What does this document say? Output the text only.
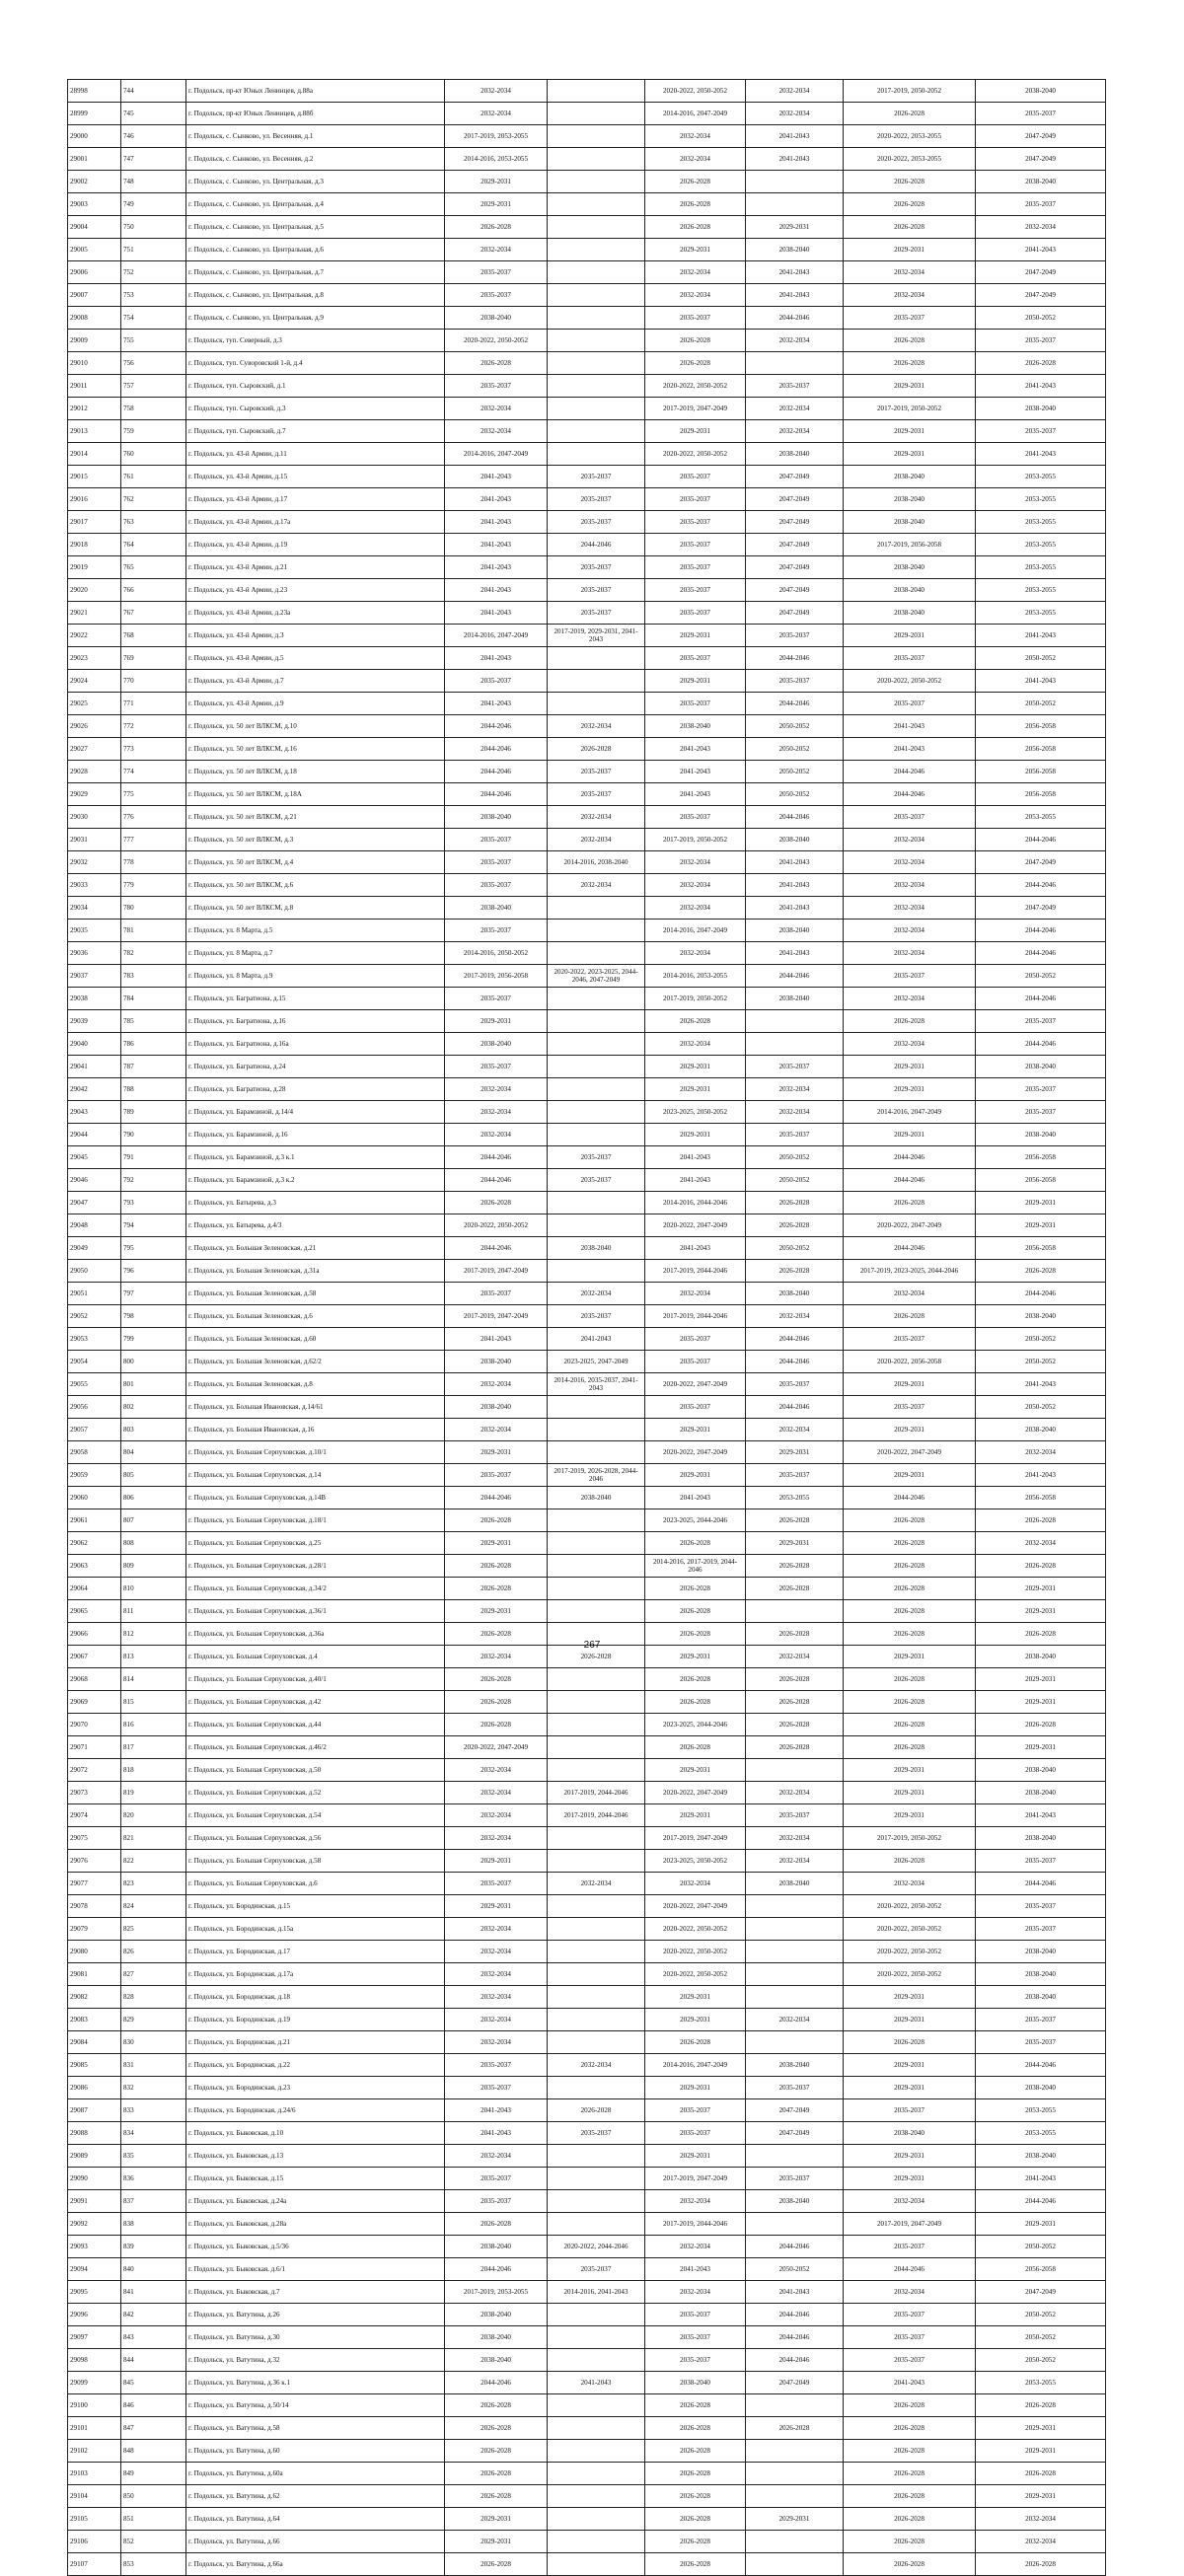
28998	744	г. Подольск, пр-кт Юных Ленинцев, д.88а	2032-2034		2020-2022, 2050-2052	2032-2034	2017-2019, 2050-2052	2038-2040
28999	745	г. Подольск, пр-кт Юных Ленинцев, д.88б	2032-2034		2014-2016, 2047-2049	2032-2034	2026-2028	2035-2037
29000	746	г. Подольск, с. Сынково, ул. Весенняя, д.1	2017-2019, 2053-2055		2032-2034	2041-2043	2020-2022, 2053-2055	2047-2049
29001	747	г. Подольск, с. Сынково, ул. Весенняя, д.2	2014-2016, 2053-2055		2032-2034	2041-2043	2020-2022, 2053-2055	2047-2049
29002	748	г. Подольск, с. Сынково, ул. Центральная, д.3	2029-2031		2026-2028		2026-2028	2038-2040
29003	749	г. Подольск, с. Сынково, ул. Центральная, д.4	2029-2031		2026-2028		2026-2028	2035-2037
29004	750	г. Подольск, с. Сынково, ул. Центральная, д.5	2026-2028		2026-2028	2029-2031	2026-2028	2032-2034
29005	751	г. Подольск, с. Сынково, ул. Центральная, д.6	2032-2034		2029-2031	2038-2040	2029-2031	2041-2043
29006	752	г. Подольск, с. Сынково, ул. Центральная, д.7	2035-2037		2032-2034	2041-2043	2032-2034	2047-2049
29007	753	г. Подольск, с. Сынково, ул. Центральная, д.8	2035-2037		2032-2034	2041-2043	2032-2034	2047-2049
29008	754	г. Подольск, с. Сынково, ул. Центральная, д.9	2038-2040		2035-2037	2044-2046	2035-2037	2050-2052
29009	755	г. Подольск, туп. Северный, д.3	2020-2022, 2050-2052		2026-2028	2032-2034	2026-2028	2035-2037
29010	756	г. Подольск, туп. Суворовский 1-й, д.4	2026-2028		2026-2028		2026-2028	2026-2028
29011	757	г. Подольск, туп. Сыровский, д.1	2035-2037		2020-2022, 2050-2052	2035-2037	2029-2031	2041-2043
29012	758	г. Подольск, туп. Сыровский, д.3	2032-2034		2017-2019, 2047-2049	2032-2034	2017-2019, 2050-2052	2038-2040
29013	759	г. Подольск, туп. Сыровский, д.7	2032-2034		2029-2031	2032-2034	2029-2031	2035-2037
29014	760	г. Подольск, ул. 43-й Армии, д.11	2014-2016, 2047-2049		2020-2022, 2050-2052	2038-2040	2029-2031	2041-2043
29015	761	г. Подольск, ул. 43-й Армии, д.15	2041-2043	2035-2037	2035-2037	2047-2049	2038-2040	2053-2055
29016	762	г. Подольск, ул. 43-й Армии, д.17	2041-2043	2035-2037	2035-2037	2047-2049	2038-2040	2053-2055
29017	763	г. Подольск, ул. 43-й Армии, д.17а	2041-2043	2035-2037	2035-2037	2047-2049	2038-2040	2053-2055
29018	764	г. Подольск, ул. 43-й Армии, д.19	2041-2043	2044-2046	2035-2037	2047-2049	2017-2019, 2056-2058	2053-2055
29019	765	г. Подольск, ул. 43-й Армии, д.21	2041-2043	2035-2037	2035-2037	2047-2049	2038-2040	2053-2055
29020	766	г. Подольск, ул. 43-й Армии, д.23	2041-2043	2035-2037	2035-2037	2047-2049	2038-2040	2053-2055
29021	767	г. Подольск, ул. 43-й Армии, д.23а	2041-2043	2035-2037	2035-2037	2047-2049	2038-2040	2053-2055
29022	768	г. Подольск, ул. 43-й Армии, д.3	2014-2016, 2047-2049	2017-2019, 2029-2031, 2041-2043	2029-2031	2035-2037	2029-2031	2041-2043
29023	769	г. Подольск, ул. 43-й Армии, д.5	2041-2043		2035-2037	2044-2046	2035-2037	2050-2052
29024	770	г. Подольск, ул. 43-й Армии, д.7	2035-2037		2029-2031	2035-2037	2020-2022, 2050-2052	2041-2043
29025	771	г. Подольск, ул. 43-й Армии, д.9	2041-2043		2035-2037	2044-2046	2035-2037	2050-2052
29026	772	г. Подольск, ул. 50 лет ВЛКСМ, д.10	2044-2046	2032-2034	2038-2040	2050-2052	2041-2043	2056-2058
29027	773	г. Подольск, ул. 50 лет ВЛКСМ, д.16	2044-2046	2026-2028	2041-2043	2050-2052	2041-2043	2056-2058
29028	774	г. Подольск, ул. 50 лет ВЛКСМ, д.18	2044-2046	2035-2037	2041-2043	2050-2052	2044-2046	2056-2058
29029	775	г. Подольск, ул. 50 лет ВЛКСМ, д.18А	2044-2046	2035-2037	2041-2043	2050-2052	2044-2046	2056-2058
29030	776	г. Подольск, ул. 50 лет ВЛКСМ, д.21	2038-2040	2032-2034	2035-2037	2044-2046	2035-2037	2053-2055
29031	777	г. Подольск, ул. 50 лет ВЛКСМ, д.3	2035-2037	2032-2034	2017-2019, 2050-2052	2038-2040	2032-2034	2044-2046
29032	778	г. Подольск, ул. 50 лет ВЛКСМ, д.4	2035-2037	2014-2016, 2038-2040	2032-2034	2041-2043	2032-2034	2047-2049
29033	779	г. Подольск, ул. 50 лет ВЛКСМ, д.6	2035-2037	2032-2034	2032-2034	2041-2043	2032-2034	2044-2046
29034	780	г. Подольск, ул. 50 лет ВЛКСМ, д.8	2038-2040		2032-2034	2041-2043	2032-2034	2047-2049
29035	781	г. Подольск, ул. 8 Марта, д.5	2035-2037		2014-2016, 2047-2049	2038-2040	2032-2034	2044-2046
29036	782	г. Подольск, ул. 8 Марта, д.7	2014-2016, 2050-2052		2032-2034	2041-2043	2032-2034	2044-2046
29037	783	г. Подольск, ул. 8 Марта, д.9	2017-2019, 2056-2058	2020-2022, 2023-2025, 2044-2046, 2047-2049	2014-2016, 2053-2055	2044-2046	2035-2037	2050-2052
29038	784	г. Подольск, ул. Багратиона, д.15	2035-2037		2017-2019, 2050-2052	2038-2040	2032-2034	2044-2046
29039	785	г. Подольск, ул. Багратиона, д.16	2029-2031		2026-2028		2026-2028	2035-2037
29040	786	г. Подольск, ул. Багратиона, д.16а	2038-2040		2032-2034		2032-2034	2044-2046
29041	787	г. Подольск, ул. Багратиона, д.24	2035-2037		2029-2031	2035-2037	2029-2031	2038-2040
29042	788	г. Подольск, ул. Багратиона, д.28	2032-2034		2029-2031	2032-2034	2029-2031	2035-2037
29043	789	г. Подольск, ул. Барамзиной, д.14/4	2032-2034		2023-2025, 2050-2052	2032-2034	2014-2016, 2047-2049	2035-2037
29044	790	г. Подольск, ул. Барамзиной, д.16	2032-2034		2029-2031	2035-2037	2029-2031	2038-2040
29045	791	г. Подольск, ул. Барамзиной, д.3 к.1	2044-2046	2035-2037	2041-2043	2050-2052	2044-2046	2056-2058
29046	792	г. Подольск, ул. Барамзиной, д.3 к.2	2044-2046	2035-2037	2041-2043	2050-2052	2044-2046	2056-2058
29047	793	г. Подольск, ул. Батырева, д.3	2026-2028		2014-2016, 2044-2046	2026-2028	2026-2028	2029-2031
29048	794	г. Подольск, ул. Батырева, д.4/3	2020-2022, 2050-2052		2020-2022, 2047-2049	2026-2028	2020-2022, 2047-2049	2029-2031
29049	795	г. Подольск, ул. Большая Зеленовская, д.21	2044-2046	2038-2040	2041-2043	2050-2052	2044-2046	2056-2058
29050	796	г. Подольск, ул. Большая Зеленовская, д.31а	2017-2019, 2047-2049		2017-2019, 2044-2046	2026-2028	2017-2019, 2023-2025, 2044-2046	2026-2028
29051	797	г. Подольск, ул. Большая Зеленовская, д.58	2035-2037	2032-2034	2032-2034	2038-2040	2032-2034	2044-2046
29052	798	г. Подольск, ул. Большая Зеленовская, д.6	2017-2019, 2047-2049	2035-2037	2017-2019, 2044-2046	2032-2034	2026-2028	2038-2040
29053	799	г. Подольск, ул. Большая Зеленовская, д.60	2041-2043	2041-2043	2035-2037	2044-2046	2035-2037	2050-2052
29054	800	г. Подольск, ул. Большая Зеленовская, д.62/2	2038-2040	2023-2025, 2047-2049	2035-2037	2044-2046	2020-2022, 2056-2058	2050-2052
29055	801	г. Подольск, ул. Большая Зеленовская, д.8	2032-2034	2014-2016, 2035-2037, 2041-2043	2020-2022, 2047-2049	2035-2037	2029-2031	2041-2043
29056	802	г. Подольск, ул. Большая Ивановская, д.14/61	2038-2040		2035-2037	2044-2046	2035-2037	2050-2052
29057	803	г. Подольск, ул. Большая Ивановская, д.16	2032-2034		2029-2031	2032-2034	2029-2031	2038-2040
29058	804	г. Подольск, ул. Большая Серпуховская, д.10/1	2029-2031		2020-2022, 2047-2049	2029-2031	2020-2022, 2047-2049	2032-2034
29059	805	г. Подольск, ул. Большая Серпуховская, д.14	2035-2037	2017-2019, 2026-2028, 2044-2046	2029-2031	2035-2037	2029-2031	2041-2043
29060	806	г. Подольск, ул. Большая Серпуховская, д.14В	2044-2046	2038-2040	2041-2043	2053-2055	2044-2046	2056-2058
29061	807	г. Подольск, ул. Большая Серпуховская, д.18/1	2026-2028		2023-2025, 2044-2046	2026-2028	2026-2028	2026-2028
29062	808	г. Подольск, ул. Большая Серпуховская, д.25	2029-2031		2026-2028	2029-2031	2026-2028	2032-2034
29063	809	г. Подольск, ул. Большая Серпуховская, д.28/1	2026-2028		2014-2016, 2017-2019, 2044-2046	2026-2028	2026-2028	2026-2028
29064	810	г. Подольск, ул. Большая Серпуховская, д.34/2	2026-2028		2026-2028	2026-2028	2026-2028	2029-2031
29065	811	г. Подольск, ул. Большая Серпуховская, д.36/1	2029-2031		2026-2028		2026-2028	2029-2031
29066	812	г. Подольск, ул. Большая Серпуховская, д.36а	2026-2028		2026-2028	2026-2028	2026-2028	2026-2028
29067	813	г. Подольск, ул. Большая Серпуховская, д.4	2032-2034	2026-2028	2029-2031	2032-2034	2029-2031	2038-2040
29068	814	г. Подольск, ул. Большая Серпуховская, д.40/1	2026-2028		2026-2028	2026-2028	2026-2028	2029-2031
29069	815	г. Подольск, ул. Большая Серпуховская, д.42	2026-2028		2026-2028	2026-2028	2026-2028	2029-2031
29070	816	г. Подольск, ул. Большая Серпуховская, д.44	2026-2028		2023-2025, 2044-2046	2026-2028	2026-2028	2026-2028
29071	817	г. Подольск, ул. Большая Серпуховская, д.46/2	2020-2022, 2047-2049		2026-2028	2026-2028	2026-2028	2029-2031
29072	818	г. Подольск, ул. Большая Серпуховская, д.50	2032-2034		2029-2031		2029-2031	2038-2040
29073	819	г. Подольск, ул. Большая Серпуховская, д.52	2032-2034	2017-2019, 2044-2046	2020-2022, 2047-2049	2032-2034	2029-2031	2038-2040
29074	820	г. Подольск, ул. Большая Серпуховская, д.54	2032-2034	2017-2019, 2044-2046	2029-2031	2035-2037	2029-2031	2041-2043
29075	821	г. Подольск, ул. Большая Серпуховская, д.56	2032-2034		2017-2019, 2047-2049	2032-2034	2017-2019, 2050-2052	2038-2040
29076	822	г. Подольск, ул. Большая Серпуховская, д.58	2029-2031		2023-2025, 2050-2052	2032-2034	2026-2028	2035-2037
29077	823	г. Подольск, ул. Большая Серпуховская, д.6	2035-2037	2032-2034	2032-2034	2038-2040	2032-2034	2044-2046
29078	824	г. Подольск, ул. Бородинская, д.15	2029-2031		2020-2022, 2047-2049		2020-2022, 2050-2052	2035-2037
29079	825	г. Подольск, ул. Бородинская, д.15а	2032-2034		2020-2022, 2050-2052		2020-2022, 2050-2052	2035-2037
29080	826	г. Подольск, ул. Бородинская, д.17	2032-2034		2020-2022, 2050-2052		2020-2022, 2050-2052	2038-2040
29081	827	г. Подольск, ул. Бородинская, д.17а	2032-2034		2020-2022, 2050-2052		2020-2022, 2050-2052	2038-2040
29082	828	г. Подольск, ул. Бородинская, д.18	2032-2034		2029-2031		2029-2031	2038-2040
29083	829	г. Подольск, ул. Бородинская, д.19	2032-2034		2029-2031	2032-2034	2029-2031	2035-2037
29084	830	г. Подольск, ул. Бородинская, д.21	2032-2034		2026-2028		2026-2028	2035-2037
29085	831	г. Подольск, ул. Бородинская, д.22	2035-2037	2032-2034	2014-2016, 2047-2049	2038-2040	2029-2031	2044-2046
29086	832	г. Подольск, ул. Бородинская, д.23	2035-2037		2029-2031	2035-2037	2029-2031	2038-2040
29087	833	г. Подольск, ул. Бородинская, д.24/6	2041-2043	2026-2028	2035-2037	2047-2049	2035-2037	2053-2055
29088	834	г. Подольск, ул. Быковская, д.10	2041-2043	2035-2037	2035-2037	2047-2049	2038-2040	2053-2055
29089	835	г. Подольск, ул. Быковская, д.13	2032-2034		2029-2031		2029-2031	2038-2040
29090	836	г. Подольск, ул. Быковская, д.15	2035-2037		2017-2019, 2047-2049	2035-2037	2029-2031	2041-2043
29091	837	г. Подольск, ул. Быковская, д.24а	2035-2037		2032-2034	2038-2040	2032-2034	2044-2046
29092	838	г. Подольск, ул. Быковская, д.28а	2026-2028		2017-2019, 2044-2046		2017-2019, 2047-2049	2029-2031
29093	839	г. Подольск, ул. Быковская, д.5/36	2038-2040	2020-2022, 2044-2046	2032-2034	2044-2046	2035-2037	2050-2052
29094	840	г. Подольск, ул. Быковская, д.6/1	2044-2046	2035-2037	2041-2043	2050-2052	2044-2046	2056-2058
29095	841	г. Подольск, ул. Быковская, д.7	2017-2019, 2053-2055	2014-2016, 2041-2043	2032-2034	2041-2043	2032-2034	2047-2049
29096	842	г. Подольск, ул. Ватутина, д.26	2038-2040		2035-2037	2044-2046	2035-2037	2050-2052
29097	843	г. Подольск, ул. Ватутина, д.30	2038-2040		2035-2037	2044-2046	2035-2037	2050-2052
29098	844	г. Подольск, ул. Ватутина, д.32	2038-2040		2035-2037	2044-2046	2035-2037	2050-2052
29099	845	г. Подольск, ул. Ватутина, д.36 к.1	2044-2046	2041-2043	2038-2040	2047-2049	2041-2043	2053-2055
29100	846	г. Подольск, ул. Ватутина, д.50/14	2026-2028		2026-2028		2026-2028	2026-2028
29101	847	г. Подольск, ул. Ватутина, д.58	2026-2028		2026-2028	2026-2028	2026-2028	2029-2031
29102	848	г. Подольск, ул. Ватутина, д.60	2026-2028		2026-2028		2026-2028	2029-2031
29103	849	г. Подольск, ул. Ватутина, д.60а	2026-2028		2026-2028		2026-2028	2026-2028
29104	850	г. Подольск, ул. Ватутина, д.62	2026-2028		2026-2028		2026-2028	2029-2031
29105	851	г. Подольск, ул. Ватутина, д.64	2029-2031		2026-2028	2029-2031	2026-2028	2032-2034
29106	852	г. Подольск, ул. Ватутина, д.66	2029-2031		2026-2028		2026-2028	2032-2034
29107	853	г. Подольск, ул. Ватутина, д.66а	2026-2028		2026-2028		2026-2028	2026-2028
267
